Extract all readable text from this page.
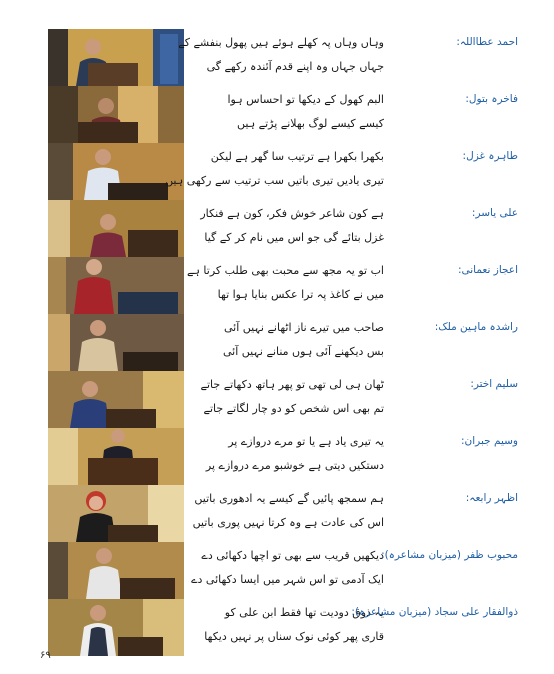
وہاں وہاں پہ کھلے ہوئے ہیں پھول بنفشے کے
جہاں جہاں وہ اپنے قدم آئندہ رکھے گی
احمد عطااللہ:
البم کھول کے دیکھا تو احساس ہوا
کیسے کیسے لوگ بھلانے پڑتے ہیں
فاخرہ بتول:
بکھرا بکھرا ہے ترتیب سا گھر ہے لیکن
تیری یادیں تیری باتیں سب ترتیب سے رکھی ہیں
طاہرہ غزل:
ہے کون شاعر خوش فکر، کون ہے فنکار
غزل بتائے گی جو اس میں نام کر کے گیا
علی یاسر:
اب تو یہ مجھ سے محبت بھی طلب کرتا ہے
میں نے کاغذ پہ ترا عکس بنایا ہوا تھا
اعجاز نعمانی:
صاحب میں تیرے ناز اٹھانے نہیں آئی
بس دیکھنے آئی ہوں منانے نہیں آئی
راشدہ ماہین ملک:
ٹھان ہی لی تھی تو پھر ہاتھ دکھاتے جاتے
تم بھی اس شخص کو دو چار لگاتے جاتے
سلیم اختر:
یہ تیری یاد ہے یا تو مرے دروازے پر
دستکیں دیتی ہے خوشبو مرے دروازے پر
وسیم جبران:
ہم سمجھ پائیں گے کیسے یہ ادھوری باتیں
اس کی عادت ہے وہ کرتا نہیں پوری باتیں
اظہر رابعہ:
دیکھیں قریب سے بھی تو اچھا دکھائی دے
ایک آدمی تو اس شہر میں ایسا دکھائی دے
محبوب ظفر (میزبان مشاعرہ):
یہ ذوق دودیت تھا فقط ابن علی کو
قاری پھر کوئی نوک سناں پر نہیں دیکھا
ذوالفقار علی سجاد (میزبان مشاعرہ):
۶۹
